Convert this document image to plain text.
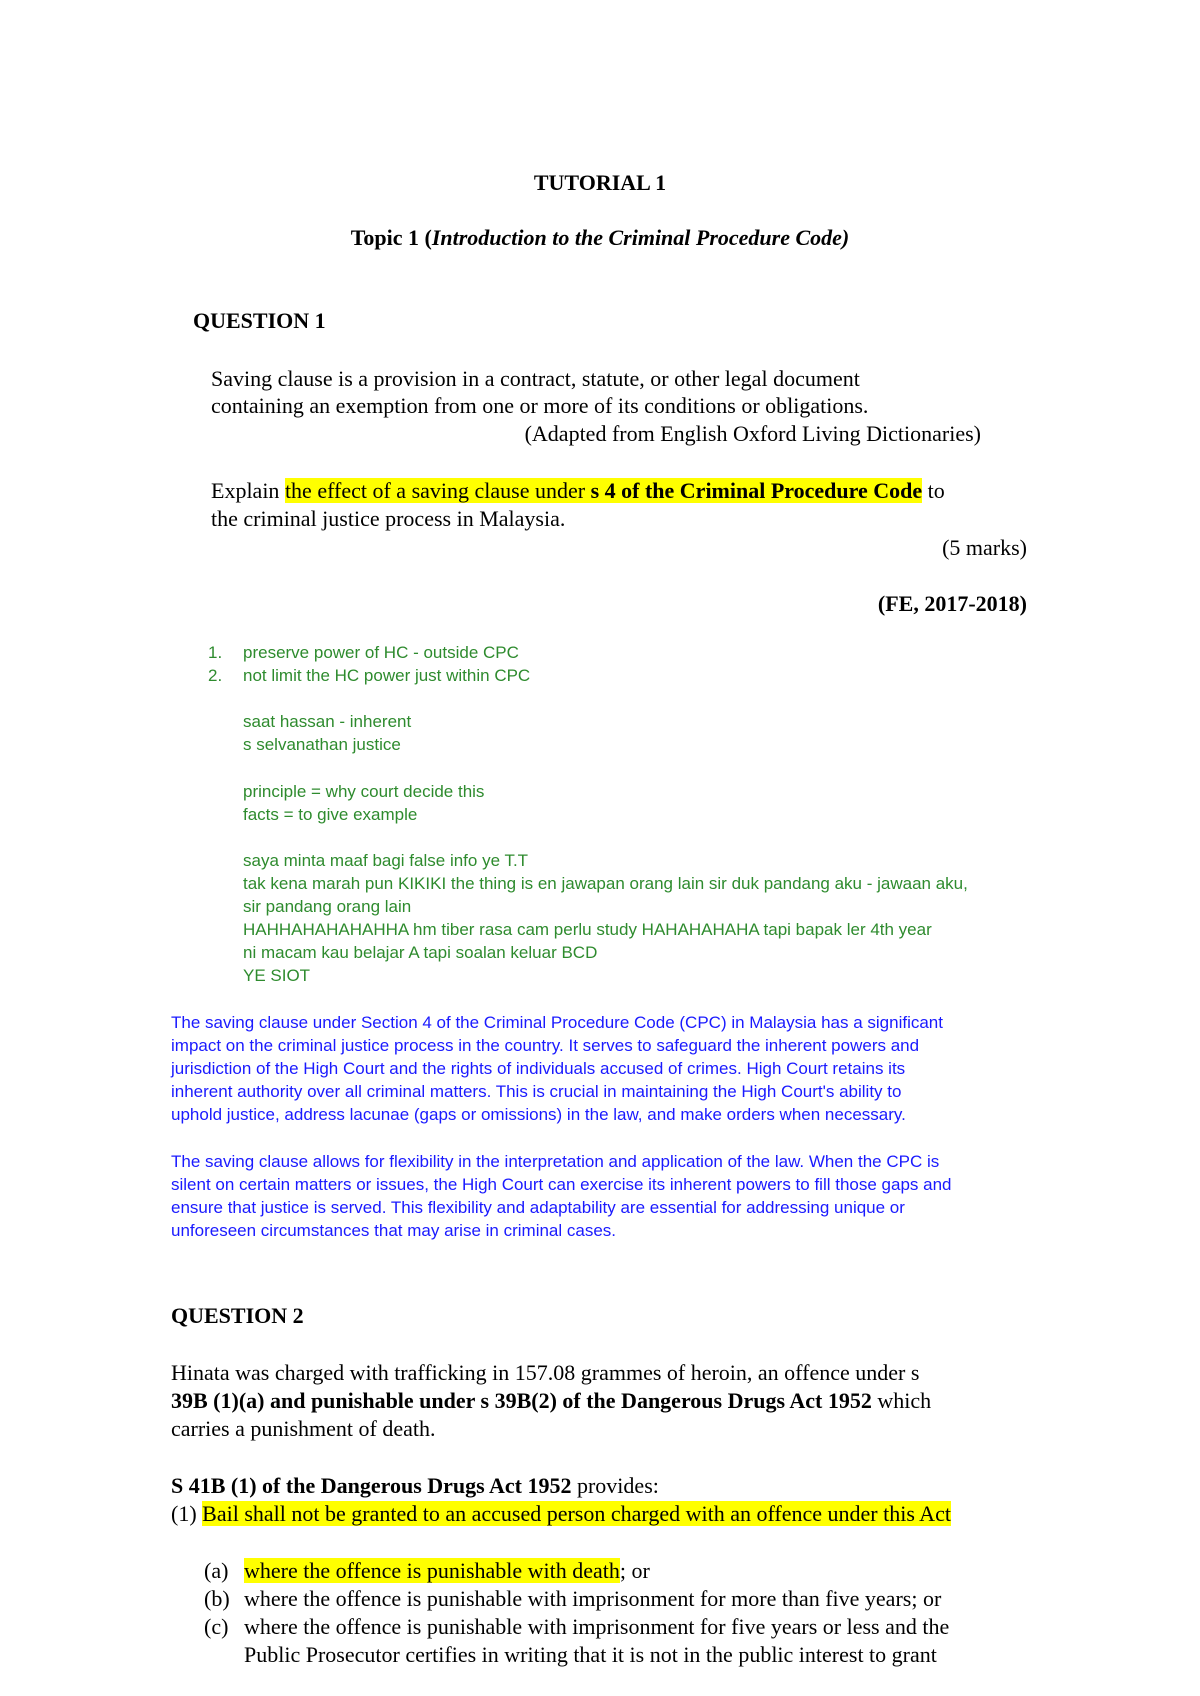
TUTORIAL 1
Topic 1 (Introduction to the Criminal Procedure Code)
QUESTION 1
Saving clause is a provision in a contract, statute, or other legal document
containing an exemption from one or more of its conditions or obligations.
(Adapted from English Oxford Living Dictionaries)
Explain the effect of a saving clause under s 4 of the Criminal Procedure Code to
the criminal justice process in Malaysia.
(5 marks)
(FE, 2017-2018)
1. preserve power of HC - outside CPC
2. not limit the HC power just within CPC
saat hassan - inherent
s selvanathan justice
principle = why court decide this
facts = to give example
saya minta maaf bagi false info ye T.T
tak kena marah pun KIKIKI the thing is en jawapan orang lain sir duk pandang aku - jawaan aku,
sir pandang orang lain
HAHHAHAHAHAHHA hm tiber rasa cam perlu study HAHAHAHAHA tapi bapak ler 4th year
ni macam kau belajar A tapi soalan keluar BCD
YE SIOT
The saving clause under Section 4 of the Criminal Procedure Code (CPC) in Malaysia has a significant
impact on the criminal justice process in the country. It serves to safeguard the inherent powers and
jurisdiction of the High Court and the rights of individuals accused of crimes. High Court retains its
inherent authority over all criminal matters. This is crucial in maintaining the High Court's ability to
uphold justice, address lacunae (gaps or omissions) in the law, and make orders when necessary.
The saving clause allows for flexibility in the interpretation and application of the law. When the CPC is
silent on certain matters or issues, the High Court can exercise its inherent powers to fill those gaps and
ensure that justice is served. This flexibility and adaptability are essential for addressing unique or
unforeseen circumstances that may arise in criminal cases.
QUESTION 2
Hinata was charged with trafficking in 157.08 grammes of heroin, an offence under s
39B (1)(a) and punishable under s 39B(2) of the Dangerous Drugs Act 1952 which
carries a punishment of death.
S 41B (1) of the Dangerous Drugs Act 1952 provides:
(1) Bail shall not be granted to an accused person charged with an offence under this Act
(a) where the offence is punishable with death; or
(b) where the offence is punishable with imprisonment for more than five years; or
(c) where the offence is punishable with imprisonment for five years or less and the
Public Prosecutor certifies in writing that it is not in the public interest to grant
